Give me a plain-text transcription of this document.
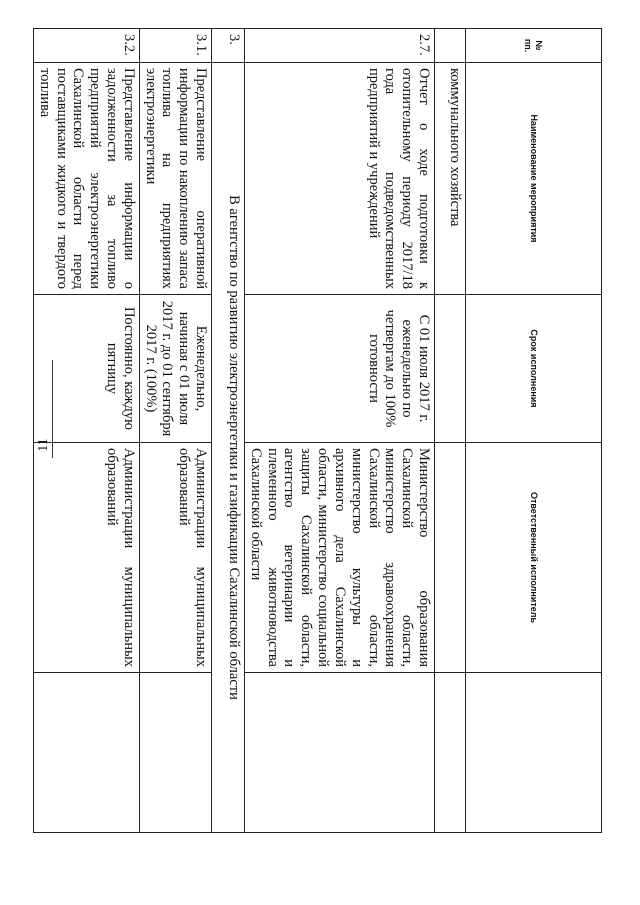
11
№ пп.	Наименование мероприятия	Срок исполнения	Ответственный исполнитель	
	коммунального хозяйства			
2.7.	Отчет о ходе подготовки к отопительному периоду 2017/18 года подведомственных предприятий и учреждений	С 01 июля 2017 г. еженедельно по четвергам до 100% готовности	Министерство образования Сахалинской области, министерство здравоохранения Сахалинской области, министерство культуры и архивного дела Сахалинской области, министерство социальной защиты Сахалинской области, агентство ветеринарии и племенного животноводства Сахалинской области	
3.	В агентство по развитию электроэнергетики и газификации Сахалинской области			
3.1.	Представление оперативной информации по накоплению запаса топлива на предприятиях электроэнергетики	Еженедельно, начиная с 01 июля 2017 г. до 01 сентября 2017 г. (100%)	Администрации муниципальных образований	
3.2.	Представление информации о задолженности за топливо предприятий электроэнергетики Сахалинской области перед поставщиками жидкого и твердого топлива	Постоянно, каждую пятницу	Администрации муниципальных образований	
